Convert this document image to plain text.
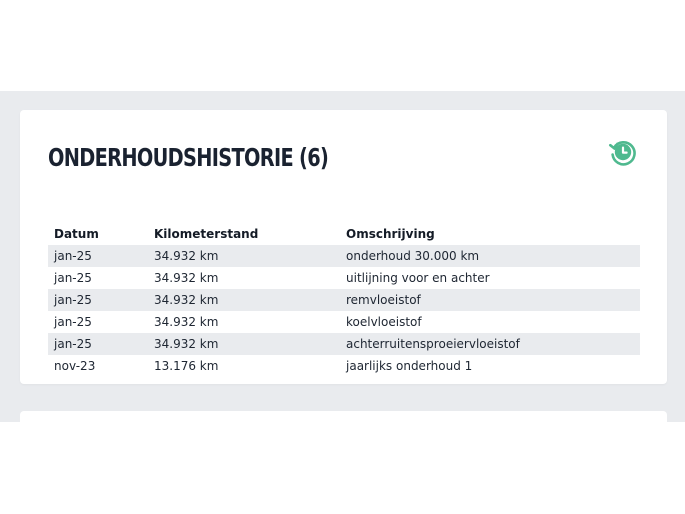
ONDERHOUDSHISTORIE (6)
Datum	Kilometerstand	Omschrijving
jan-25	34.932 km	onderhoud 30.000 km
jan-25	34.932 km	uitlijning voor en achter
jan-25	34.932 km	remvloeistof
jan-25	34.932 km	koelvloeistof
jan-25	34.932 km	achterruitensproeiervloeistof
nov-23	13.176 km	jaarlijks onderhoud 1
